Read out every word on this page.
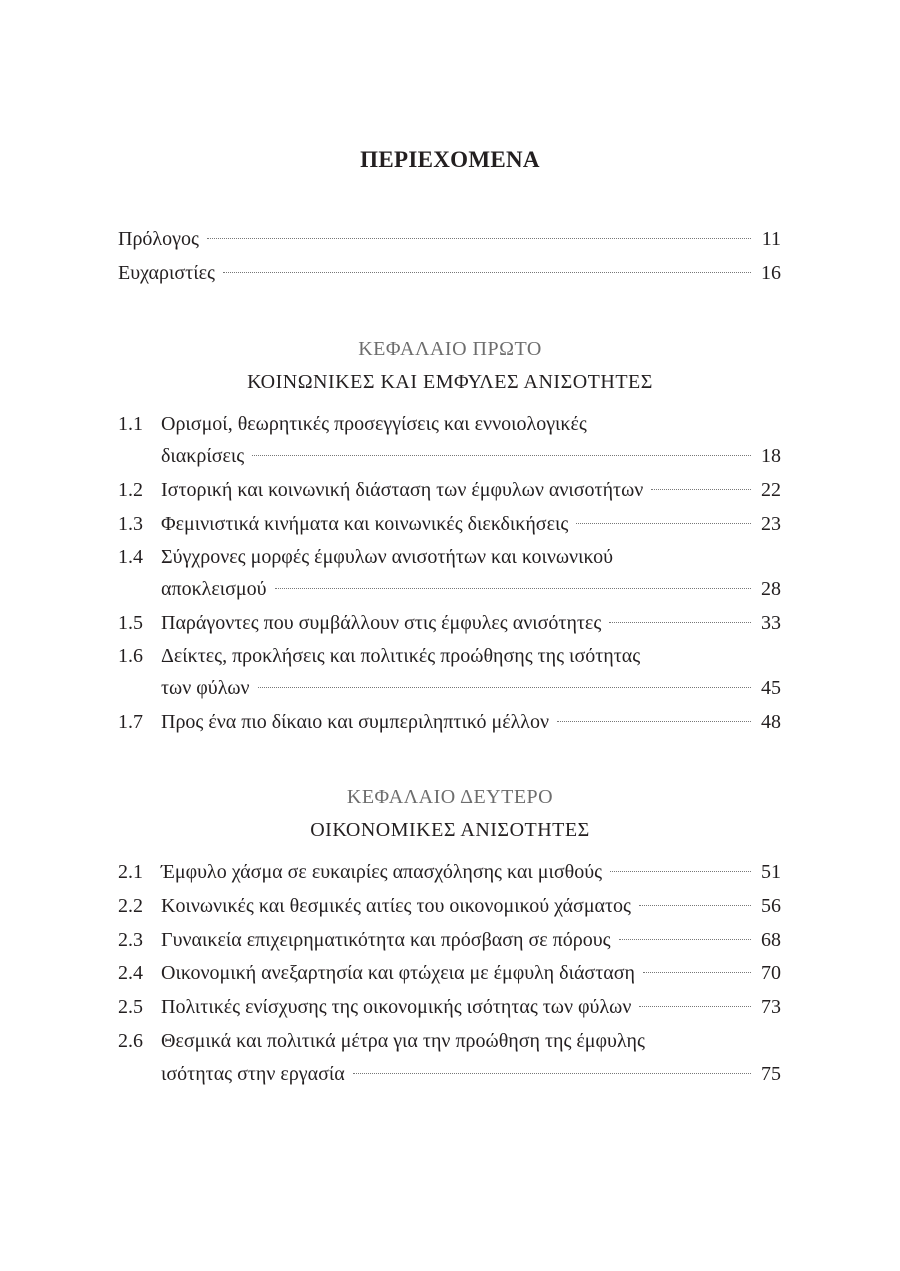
ΠΕΡΙΕΧΟΜΕΝΑ
Πρόλογος	11
Ευχαριστίες	16
ΚΕΦΑΛΑΙΟ ΠΡΩΤΟ
ΚΟΙΝΩΝΙΚΕΣ ΚΑΙ ΕΜΦΥΛΕΣ ΑΝΙΣΟΤΗΤΕΣ
1.1 Ορισμοί, θεωρητικές προσεγγίσεις και εννοιολογικές
διακρίσεις	18
1.2 Ιστορική και κοινωνική διάσταση των έμφυλων ανισοτήτων	22
1.3 Φεμινιστικά κινήματα και κοινωνικές διεκδικήσεις	23
1.4 Σύγχρονες μορφές έμφυλων ανισοτήτων και κοινωνικού
αποκλεισμού	28
1.5 Παράγοντες που συμβάλλουν στις έμφυλες ανισότητες	33
1.6 Δείκτες, προκλήσεις και πολιτικές προώθησης της ισότητας
των φύλων	45
1.7 Προς ένα πιο δίκαιο και συμπεριληπτικό μέλλον	48
ΚΕΦΑΛΑΙΟ ΔΕΥΤΕΡΟ
ΟΙΚΟΝΟΜΙΚΕΣ ΑΝΙΣΟΤΗΤΕΣ
2.1 Έμφυλο χάσμα σε ευκαιρίες απασχόλησης και μισθούς	51
2.2 Κοινωνικές και θεσμικές αιτίες του οικονομικού χάσματος	56
2.3 Γυναικεία επιχειρηματικότητα και πρόσβαση σε πόρους	68
2.4 Οικονομική ανεξαρτησία και φτώχεια με έμφυλη διάσταση	70
2.5 Πολιτικές ενίσχυσης της οικονομικής ισότητας των φύλων	73
2.6 Θεσμικά και πολιτικά μέτρα για την προώθηση της έμφυλης
ισότητας στην εργασία	75
